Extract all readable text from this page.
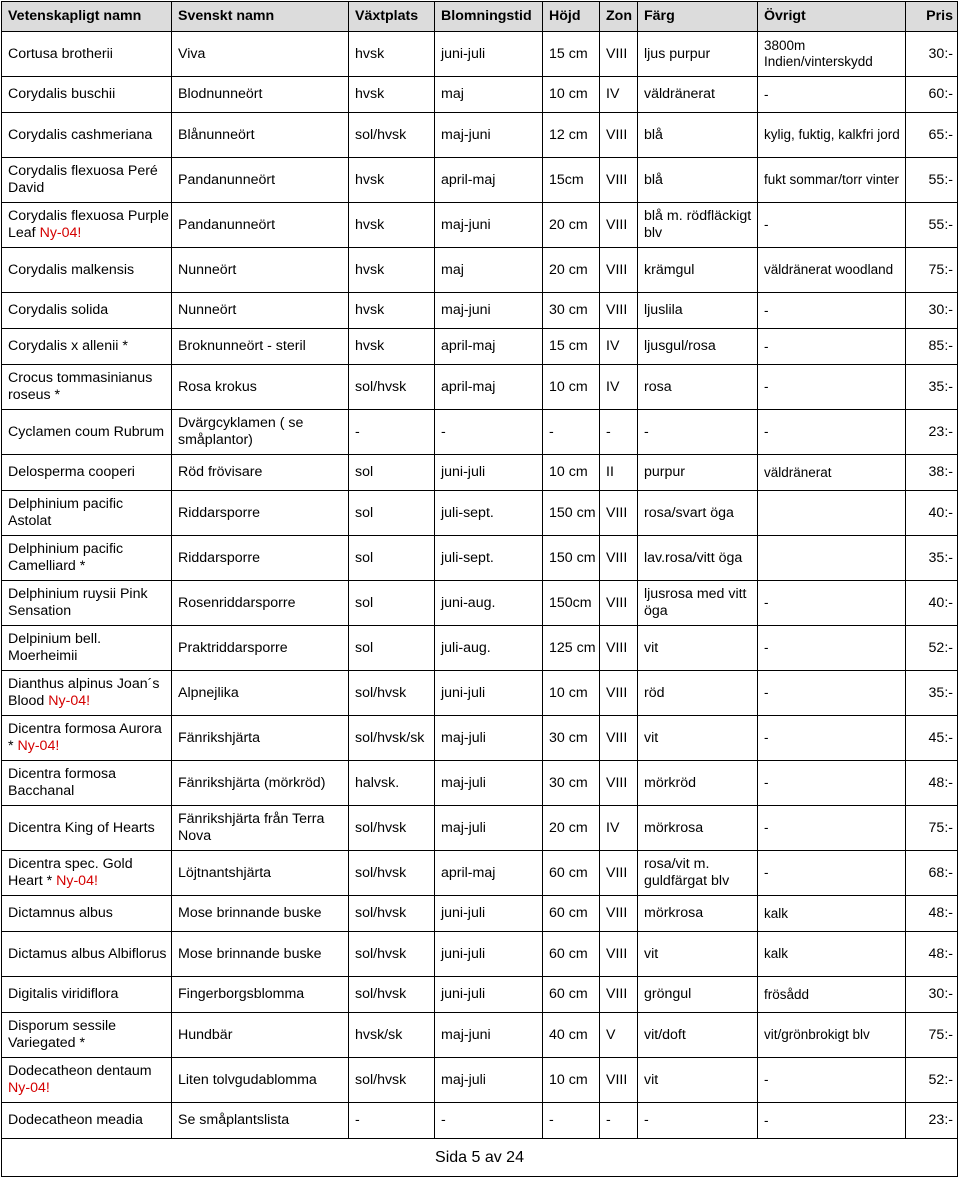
Vetenskapligt namn	Svenskt namn	Växtplats	Blomningstid	Höjd	Zon	Färg	Övrigt	Pris
Cortusa brotherii	Viva	hvsk	juni-juli	15 cm	VIII	ljus purpur	3800m Indien/vinterskydd	30:-
Corydalis buschii	Blodnunneört	hvsk	maj	10 cm	IV	väldränerat	-	60:-
Corydalis cashmeriana	Blånunneört	sol/hvsk	maj-juni	12 cm	VIII	blå	kylig, fuktig, kalkfri jord	65:-
Corydalis flexuosa Peré David	Pandanunneört	hvsk	april-maj	15cm	VIII	blå	fukt sommar/torr vinter	55:-
Corydalis flexuosa Purple Leaf Ny-04!	Pandanunneört	hvsk	maj-juni	20 cm	VIII	blå m. rödfläckigt blv	-	55:-
Corydalis malkensis	Nunneört	hvsk	maj	20 cm	VIII	krämgul	väldränerat woodland	75:-
Corydalis solida	Nunneört	hvsk	maj-juni	30 cm	VIII	ljuslila	-	30:-
Corydalis x allenii *	Broknunneört - steril	hvsk	april-maj	15 cm	IV	ljusgul/rosa	-	85:-
Crocus tommasinianus roseus *	Rosa krokus	sol/hvsk	april-maj	10 cm	IV	rosa	-	35:-
Cyclamen coum Rubrum	Dvärgcyklamen ( se småplantor)	-	-	-	-	-	-	23:-
Delosperma cooperi	Röd frövisare	sol	juni-juli	10 cm	II	purpur	väldränerat	38:-
Delphinium pacific Astolat	Riddarsporre	sol	juli-sept.	150 cm	VIII	rosa/svart öga		40:-
Delphinium pacific Camelliard *	Riddarsporre	sol	juli-sept.	150 cm	VIII	lav.rosa/vitt öga		35:-
Delphinium ruysii Pink Sensation	Rosenriddarsporre	sol	juni-aug.	150cm	VIII	ljusrosa med vitt öga	-	40:-
Delpinium bell. Moerheimii	Praktriddarsporre	sol	juli-aug.	125 cm	VIII	vit	-	52:-
Dianthus alpinus Joan´s Blood Ny-04!	Alpnejlika	sol/hvsk	juni-juli	10 cm	VIII	röd	-	35:-
Dicentra formosa Aurora * Ny-04!	Fänrikshjärta	sol/hvsk/sk	maj-juli	30 cm	VIII	vit	-	45:-
Dicentra formosa Bacchanal	Fänrikshjärta (mörkröd)	halvsk.	maj-juli	30 cm	VIII	mörkröd	-	48:-
Dicentra King of Hearts	Fänrikshjärta från Terra Nova	sol/hvsk	maj-juli	20 cm	IV	mörkrosa	-	75:-
Dicentra spec. Gold Heart * Ny-04!	Löjtnantshjärta	sol/hvsk	april-maj	60 cm	VIII	rosa/vit m. guldfärgat blv	-	68:-
Dictamnus albus	Mose brinnande buske	sol/hvsk	juni-juli	60 cm	VIII	mörkrosa	kalk	48:-
Dictamus albus Albiflorus	Mose brinnande buske	sol/hvsk	juni-juli	60 cm	VIII	vit	kalk	48:-
Digitalis viridiflora	Fingerborgsblomma	sol/hvsk	juni-juli	60 cm	VIII	gröngul	frösådd	30:-
Disporum sessile Variegated *	Hundbär	hvsk/sk	maj-juni	40 cm	V	vit/doft	vit/grönbrokigt blv	75:-
Dodecatheon dentaum Ny-04!	Liten tolvgudablomma	sol/hvsk	maj-juli	10 cm	VIII	vit	-	52:-
Dodecatheon meadia	Se småplantslista	-	-	-	-	-	-	23:-
Sida 5 av 24								
